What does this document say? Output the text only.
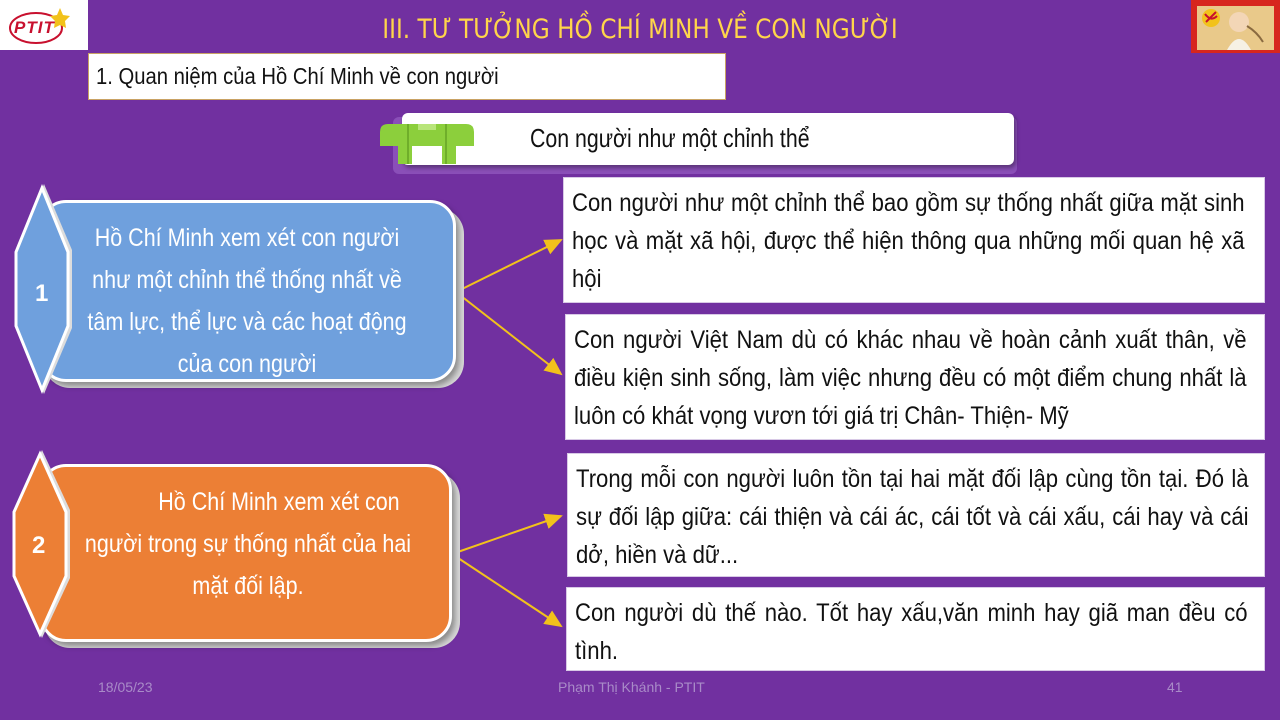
PTIT	III. TƯ TƯỞNG HỒ CHÍ MINH VỀ CON NGƯỜI
1. Quan niệm của Hồ Chí Minh về con người
Con người như một chỉnh thể
Hồ Chí Minh xem xét con người
như một chỉnh thể thống nhất về
tâm lực, thể lực và các hoạt động
của con người
1
Con người như một chỉnh thể bao gồm sự thống nhất giữa mặt sinh học và mặt xã hội, được thể hiện thông qua những mối quan hệ xã hội
Con người Việt Nam dù có khác nhau về hoàn cảnh xuất thân, về điều kiện sinh sống, làm việc nhưng đều có một điểm chung nhất là luôn có khát vọng vươn tới giá trị Chân- Thiện- Mỹ
Hồ Chí Minh xem xét con
người trong sự thống nhất của hai
mặt đối lập.
2
Trong mỗi con người luôn tồn tại hai mặt đối lập cùng tồn tại. Đó là sự đối lập giữa: cái thiện và cái ác, cái tốt và cái xấu, cái hay và cái dở, hiền và dữ...
Con người dù thế nào. Tốt hay xấu,văn minh hay giã man đều có tình.
18/05/23	Phạm Thị Khánh - PTIT	41
